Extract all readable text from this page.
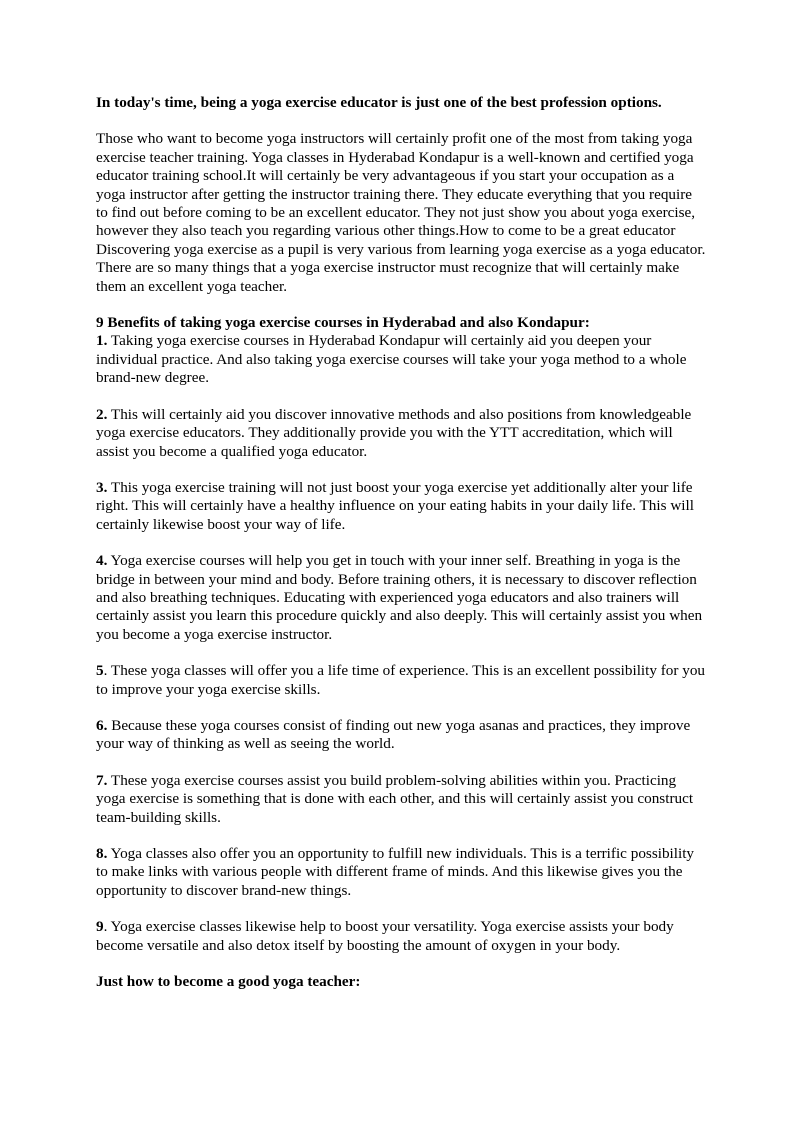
In today's time, being a yoga exercise educator is just one of the best profession options.

Those who want to become yoga instructors will certainly profit one of the most from taking yoga exercise teacher training. Yoga classes in Hyderabad Kondapur is a well-known and certified yoga educator training school.It will certainly be very advantageous if you start your occupation as a yoga instructor after getting the instructor training there. They educate everything that you require to find out before coming to be an excellent educator. They not just show you about yoga exercise, however they also teach you regarding various other things.How to come to be a great educator Discovering yoga exercise as a pupil is very various from learning yoga exercise as a yoga educator. There are so many things that a yoga exercise instructor must recognize that will certainly make them an excellent yoga teacher.

9 Benefits of taking yoga exercise courses in Hyderabad and also Kondapur:

1. Taking yoga exercise courses in Hyderabad Kondapur will certainly aid you deepen your individual practice. And also taking yoga exercise courses will take your yoga method to a whole brand-new degree.

2. This will certainly aid you discover innovative methods and also positions from knowledgeable yoga exercise educators. They additionally provide you with the YTT accreditation, which will assist you become a qualified yoga educator.

3. This yoga exercise training will not just boost your yoga exercise yet additionally alter your life right. This will certainly have a healthy influence on your eating habits in your daily life. This will certainly likewise boost your way of life.

4. Yoga exercise courses will help you get in touch with your inner self. Breathing in yoga is the bridge in between your mind and body. Before training others, it is necessary to discover reflection and also breathing techniques. Educating with experienced yoga educators and also trainers will certainly assist you learn this procedure quickly and also deeply. This will certainly assist you when you become a yoga exercise instructor.

5. These yoga classes will offer you a life time of experience. This is an excellent possibility for you to improve your yoga exercise skills.

6. Because these yoga courses consist of finding out new yoga asanas and practices, they improve your way of thinking as well as seeing the world.

7. These yoga exercise courses assist you build problem-solving abilities within you. Practicing yoga exercise is something that is done with each other, and this will certainly assist you construct team-building skills.

8. Yoga classes also offer you an opportunity to fulfill new individuals. This is a terrific possibility to make links with various people with different frame of minds. And this likewise gives you the opportunity to discover brand-new things.

9. Yoga exercise classes likewise help to boost your versatility. Yoga exercise assists your body become versatile and also detox itself by boosting the amount of oxygen in your body.

Just how to become a good yoga teacher:
